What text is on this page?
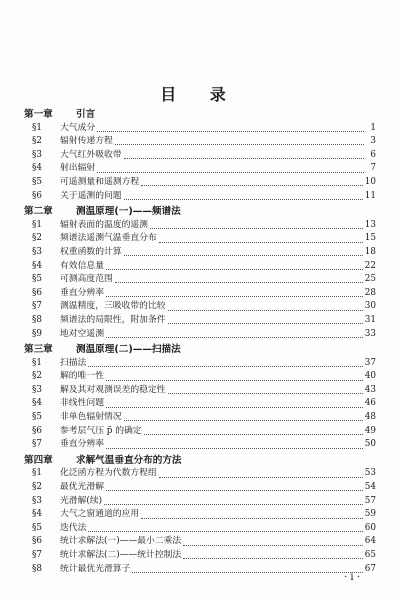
目 录
第一章	引言
§1	大气成分	1
§2	辐射传递方程	3
§3	大气红外吸收带	6
§4	射出辐射	7
§5	可遥测量和遥测方程	10
§6	关于遥测的问题	11
第二章	测温原理(一)——频谱法
§1	辐射表面的温度的遥测	13
§2	频谱法遥测气温垂直分布	15
§3	权重函数的计算	18
§4	有效信息量	22
§5	可测高度范围	25
§6	垂直分辨率	28
§7	测温精度，三吸收带的比较	30
§8	频谱法的局限性，附加条件	31
§9	地对空遥测	33
第三章	测温原理(二)——扫描法
§1	扫描法	37
§2	解的唯一性	40
§3	解及其对观测误差的稳定性	43
§4	非线性问题	46
§5	非单色辐射情况	48
§6	参考层气压 p̄ 的确定	49
§7	垂直分辨率	50
第四章	求解气温垂直分布的方法
§1	化泛函方程为代数方程组	53
§2	最优光滑解	54
§3	光滑解(续)	57
§4	大气之窗通道的应用	59
§5	迭代法	60
§6	统计求解法(一)——最小二乘法	64
§7	统计求解法(二)——统计控制法	65
§8	统计最优光滑算子	67
· i ·
